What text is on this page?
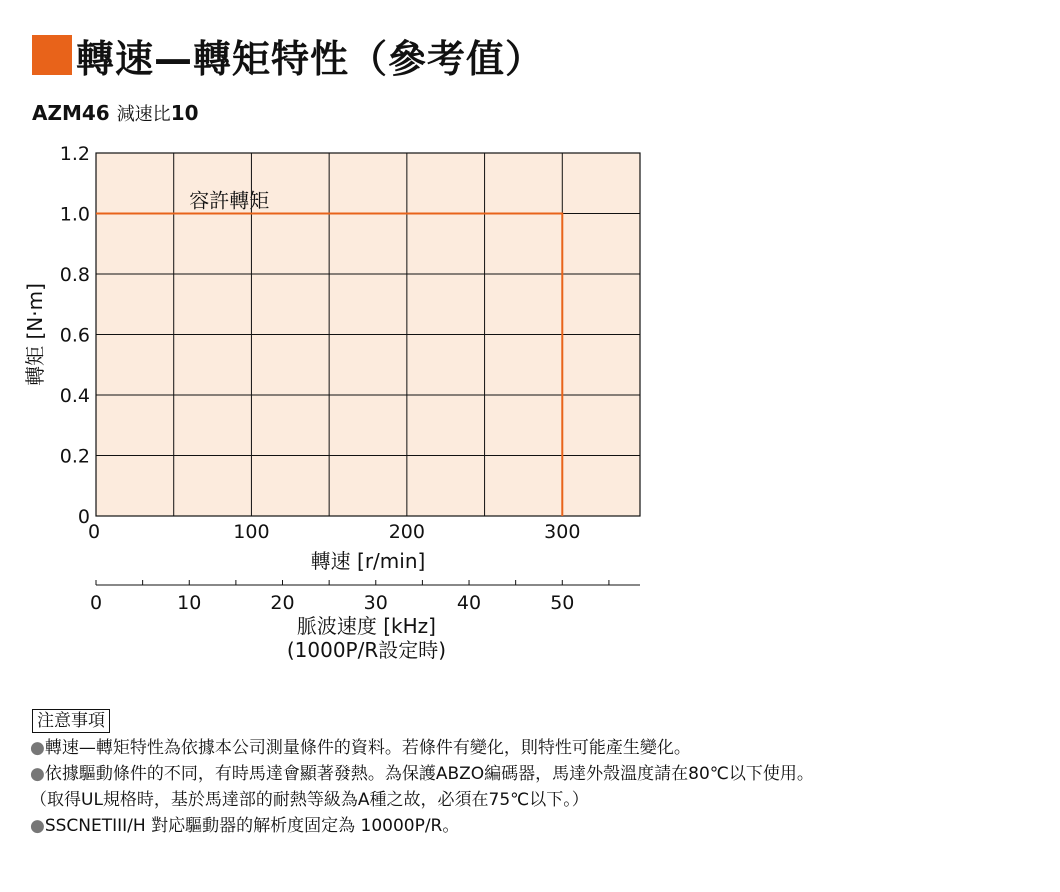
轉速—轉矩特性（參考值）
AZM46 減速比10
0
0.2
0.4
0.6
0.8
1.0
1.2
0	100	200	300
容許轉矩
轉速 [r/min]
轉矩 [N·m]
0	10	20	30	40	50
脈波速度 [kHz]
(1000P/R設定時)
注意事項
●轉速—轉矩特性為依據本公司測量條件的資料。若條件有變化，則特性可能產生變化。
●依據驅動條件的不同，有時馬達會顯著發熱。為保護ABZO編碼器，馬達外殼溫度請在80℃以下使用。
（取得UL規格時，基於馬達部的耐熱等級為A種之故，必須在75℃以下。）
●SSCNETIII/H 對応驅動器的解析度固定為 10000P/R。
